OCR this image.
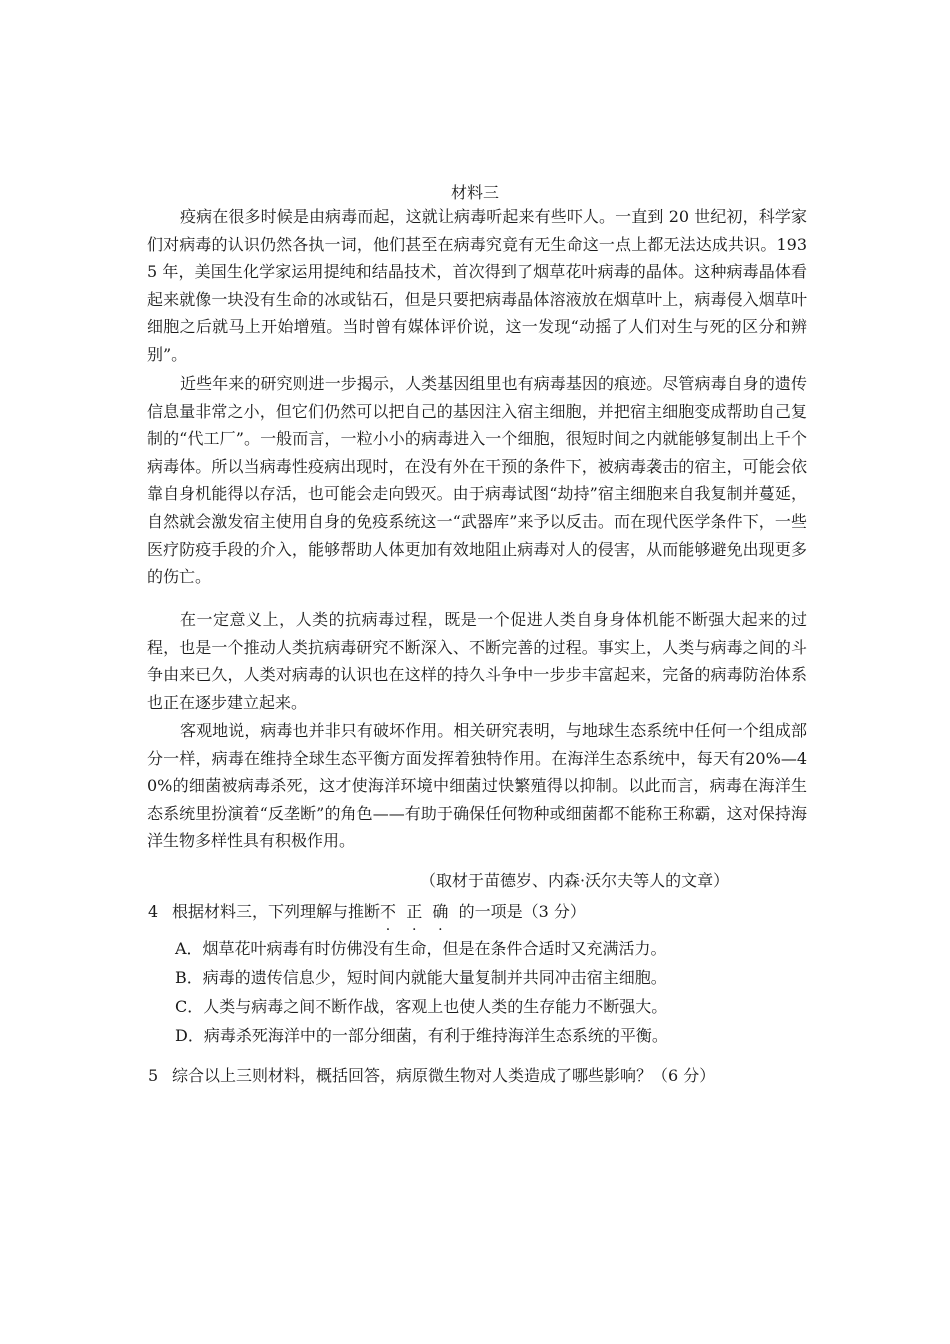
材料三

疫病在很多时候是由病毒而起，这就让病毒听起来有些吓人。一直到 20 世纪初，科学家们对病毒的认识仍然各执一词，他们甚至在病毒究竟有无生命这一点上都无法达成共识。1935 年，美国生化学家运用提纯和结晶技术，首次得到了烟草花叶病毒的晶体。这种病毒晶体看起来就像一块没有生命的冰或钻石，但是只要把病毒晶体溶液放在烟草叶上，病毒侵入烟草叶细胞之后就马上开始增殖。当时曾有媒体评价说，这一发现“动摇了人们对生与死的区分和辨别”。

近些年来的研究则进一步揭示，人类基因组里也有病毒基因的痕迹。尽管病毒自身的遗传信息量非常之小，但它们仍然可以把自己的基因注入宿主细胞，并把宿主细胞变成帮助自己复制的“代工厂”。一般而言，一粒小小的病毒进入一个细胞，很短时间之内就能够复制出上千个病毒体。所以当病毒性疫病出现时，在没有外在干预的条件下，被病毒袭击的宿主，可能会依靠自身机能得以存活，也可能会走向毁灭。由于病毒试图“劫持”宿主细胞来自我复制并蔓延，自然就会激发宿主使用自身的免疫系统这一“武器库”来予以反击。而在现代医学条件下，一些医疗防疫手段的介入，能够帮助人体更加有效地阻止病毒对人的侵害，从而能够避免出现更多的伤亡。

在一定意义上，人类的抗病毒过程，既是一个促进人类自身身体机能不断强大起来的过程，也是一个推动人类抗病毒研究不断深入、不断完善的过程。事实上，人类与病毒之间的斗争由来已久，人类对病毒的认识也在这样的持久斗争中一步步丰富起来，完备的病毒防治体系也正在逐步建立起来。

客观地说，病毒也并非只有破坏作用。相关研究表明，与地球生态系统中任何一个组成部分一样，病毒在维持全球生态平衡方面发挥着独特作用。在海洋生态系统中，每天有20%—40%的细菌被病毒杀死，这才使海洋环境中细菌过快繁殖得以抑制。以此而言，病毒在海洋生态系统里扮演着“反垄断”的角色——有助于确保任何物种或细菌都不能称王称霸，这对保持海洋生物多样性具有积极作用。

（取材于苗德岁、内森·沃尔夫等人的文章）
4 根据材料三，下列理解与推断不 正 确 的一项是（3 分）
A．烟草花叶病毒有时仿佛没有生命，但是在条件合适时又充满活力。
B．病毒的遗传信息少，短时间内就能大量复制并共同冲击宿主细胞。
C．人类与病毒之间不断作战，客观上也使人类的生存能力不断强大。
D．病毒杀死海洋中的一部分细菌，有利于维持海洋生态系统的平衡。
5 综合以上三则材料，概括回答，病原微生物对人类造成了哪些影响？（6 分）
